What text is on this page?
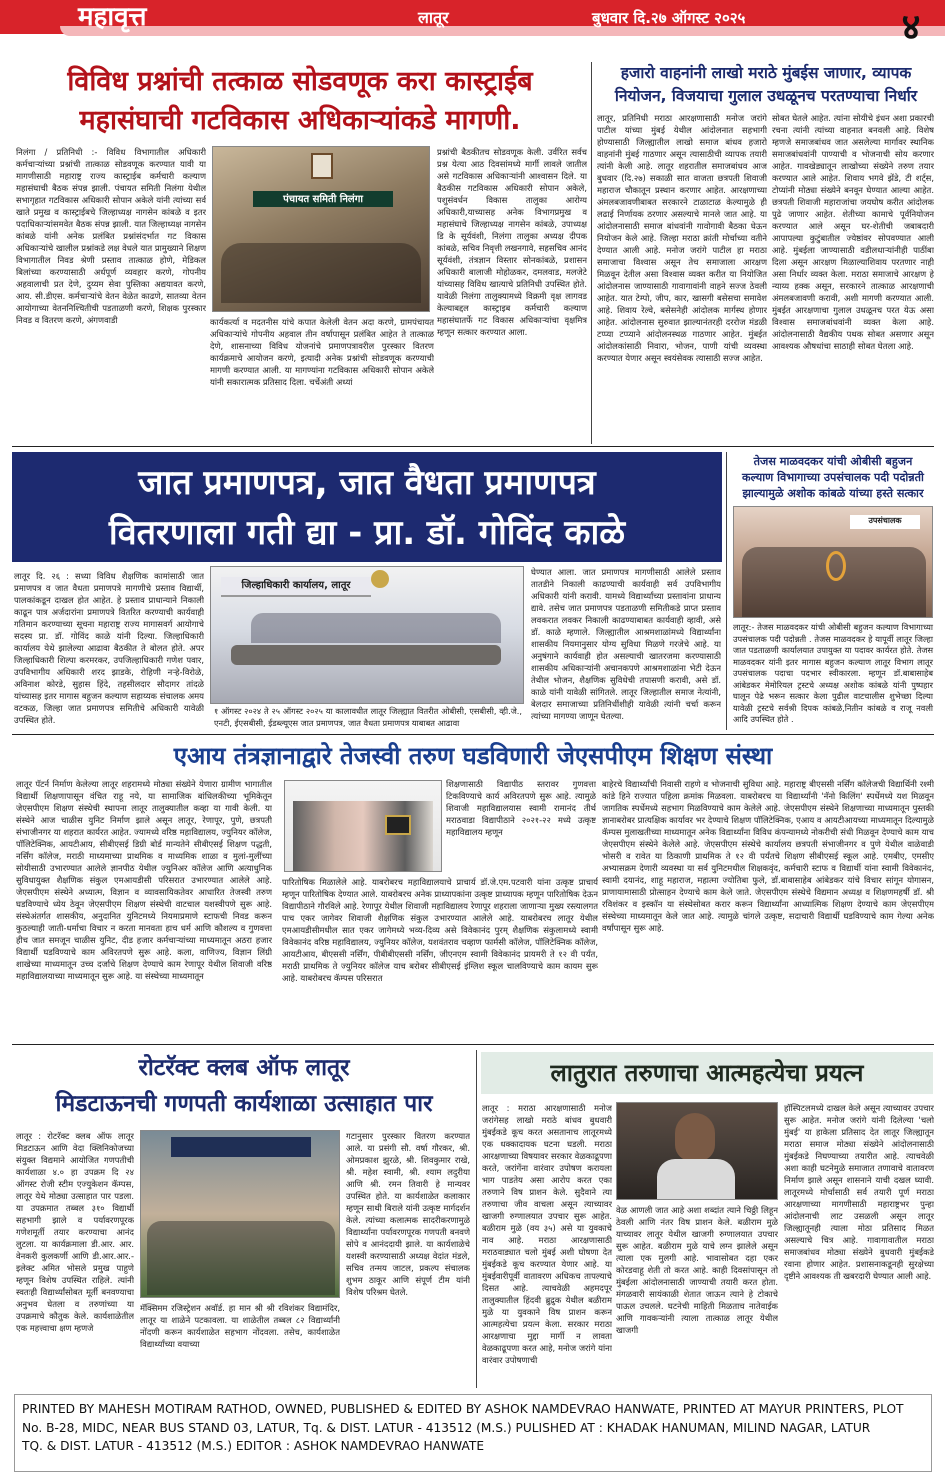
महावृत्त	लातूर	बुधवार दि.२७ ऑगस्ट २०२५	४
विविध प्रश्नांची तत्काळ सोडवणूक करा कास्ट्राईब
महासंघाची गटविकास अधिकाऱ्यांकडे मागणी.
निलंगा / प्रतिनिधी :- विविध विभागातील अधिकारी कर्मचाऱ्यांच्या प्रश्नांची तात्काळ सोडवणूक करण्यात यावी या मागणीसाठी महाराष्ट्र राज्य कास्ट्राईब कर्मचारी कल्याण महासंघाची बैठक संपन्न झाली. पंचायत समिती निलंगा येथील सभागृहात गटविकास अधिकारी सोपान अकेले यांनी त्यांच्या सर्व खाते प्रमुख व कास्ट्राईबचे जिल्हाध्यक्ष नागसेन कांबळे व इतर पदाधिकाऱ्यांसमवेत बैठक संपन्न झाली. यात जिल्हाध्यक्ष नागसेन कांबळे यांनी अनेक प्रलंबित प्रश्नांसंदर्भात गट विकास अधिकाऱ्यांचे खालील प्रश्नांकडे लक्ष वेधले यात प्रामुख्याने शिक्षण विभागातील निवड श्रेणी प्रस्ताव तात्काळ होणे, मेडिकल बिलांच्या करण्यासाठी अर्धपूर्ण व्यवहार करणे, गोपनीय अहवालाची प्रत देणे, दुय्यम सेवा पुस्तिका अद्ययावत करणे, आय. सी.डीएस. कर्मचाऱ्यांचे वेतन वेळेत काढणे, सातव्या वेतन आयोगाच्या वेतननिश्चितीची पडताळणी करणे, शिक्षक पुरस्कार निवड व वितरण करणे, अंगणवाडी
पंचायत समिती निलंगा
कार्यकर्त्या व मदतनीस यांचे कपात केलेली वेतन अदा करणे, ग्रामपंचायत अधिकाऱ्यांचे गोपनीय अहवाल तीन वर्षापासून प्रलंबित आहेत ते तात्काळ देणे, शासनाच्या विविध योजनांचे प्रमाणपत्रावरील पुरस्कार वितरण कार्यक्रमाचे आयोजन करणे, इत्यादी अनेक प्रश्नांची सोडवणूक करण्याची मागणी करण्यात आली. या मागण्यांना गटविकास अधिकारी सोपान अकेले यांनी सकारात्मक प्रतिसाद दिला. चर्चेअंती अध्यां
प्रश्नांची बैठकीतच सोडवणूक केली. उर्वरित सर्वच प्रश्न येत्या आठ दिवसांमध्ये मार्गी लावले जातील असे गटविकास अधिकाऱ्यांनी आश्वासन दिले. या बैठकीस गटविकास अधिकारी सोपान अकेले, पशुसंवर्धन विकास तालुका आरोग्य अधिकारी,याच्यासह अनेक विभागप्रमुख व महासंघाचे जिल्हाध्यक्ष नागसेन कांबळे, उपाध्यक्ष डि के सूर्यवंशी, निलंगा तालुका अध्यक्ष दीपक कांबळे, सचिव निवृत्ती लखनगावे, सहसचिव आनंद सूर्यवंशी, तंत्रज्ञान विस्तार सोनकांबळे, प्रशासन अधिकारी बालाजी मोहोळकर, दमलवाड, मलजेटे यांच्यासह विविध खात्याचे प्रतिनिधी उपस्थित होते. यावेळी निलंगा तालुक्यामध्ये विक्रमी वृक्ष लागवड केल्याबद्दल कास्ट्राइब कर्मचारी कल्याण महासंघातर्फे गट विकास अधिकाऱ्यांचा वृक्षमित्र म्हणून सत्कार करण्यात आला.
हजारो वाहनांनी लाखो मराठे मुंबईस जाणार, व्यापक
नियोजन, विजयाचा गुलाल उधळूनच परतण्याचा निर्धार
लातूर, प्रतिनिधी मराठा आरक्षणासाठी मनोज जरांगे पाटील यांच्या मुंबई येथील आंदोलनात सहभागी होण्यासाठी जिल्ह्यातील लाखो समाज बांधव हजारो वाहनांनी मुंबई गाठणार असून त्यासाठीची व्यापक तयारी त्यांनी केली आहे. लातूर शहरातील समाजबांधव आज बुधवार (दि.२७) सकाळी सात वाजता छत्रपती शिवाजी महाराज चौकातून प्रस्थान करणार आहेत. आरक्षणाच्या अंमलबजावणीबाबत सरकारने टाळाटाळ केल्यामुळे ही लढाई निर्णायक ठरणार असल्याचे मानले जात आहे. या आंदोलनासाठी समाज बांधवांनी गावोगावी बैठका घेऊन नियोजन केले आहे. जिल्हा मराठा क्रांती मोर्चाच्या वतीने देण्यात आली आहे. मनोज जरांगे पाटील हा मराठा समाजाचा विश्वास असून तेच समाजाला आरक्षण मिळवून देतील असा विश्वास व्यक्त करीत या नियोजित आंदोलनास जाण्यासाठी गावागावांनी वाहने सज्ज ठेवली आहेत. यात टेम्पो, जीप, कार, खासगी बसेसचा समावेश आहे. शिवाय रेल्वे, बसेसनेही आंदोलक मार्गस्थ होणार आहेत. आंदोलनास सुरुवात झाल्यानंतरही दररोज मंडळी टप्प्या टप्प्याने आंदोलनस्थळ गाठणार आहेत. मुंबईत आंदोलकांसाठी निवारा, भोजन, पाणी यांची व्यवस्था करण्यात येणार असून स्वयंसेवक त्यासाठी सज्ज आहेत.
सोबत घेतले आहेत. त्यांना सोयीचे इंधन अशा प्रकारची रचना त्यांनी त्यांच्या वाहनात बनवली आहे. विशेष म्हणजे समाजबांधव जात असलेल्या मार्गावर स्थानिक समाजबांधवांनी पाण्याची व भोजनाची सोय करणार आहेत. गावखेड्यातून लाखोच्या संख्येने तरुण तयार करण्यात आले आहेत. शिवाय भगवे झेंडे, टी शर्ट्स, टोप्यांनी मोठ्या संख्येने बनवून घेण्यात आल्या आहेत. छत्रपती शिवाजी महाराजांचा जयघोष करीत आंदोलक पुढे जाणार आहेत. शेतीच्या कामाचे पूर्वनियोजन करण्यात आले असून घर-शेतीची जबाबदारी आपापल्या कुटुंबातील ज्येष्ठांवर सोपवण्यात आली आहे. मुंबईला जाण्यासाठी वडीलधाऱ्यांनीही पाठींबा दिला असून आरक्षण मिळाल्याशिवाय परतणार नाही असा निर्धार व्यक्त केला. मराठा समाजाचे आरक्षण हे न्याय्य हक्क असून, सरकारने तात्काळ आरक्षणाची अंमलबजावणी करावी, अशी मागणी करण्यात आली. मुंबईत आरक्षणाचा गुलाल उधळूनच परत येऊ असा विश्वास समाजबांधवांनी व्यक्त केला आहे. आंदोलनासाठी वैद्यकीय पथक सोबत असणार असून आवश्यक औषधांचा साठाही सोबत घेतला आहे.
जात प्रमाणपत्र, जात वैधता प्रमाणपत्र
वितरणाला गती द्या - प्रा. डॉ. गोविंद काळे
लातूर दि. २६ : सध्या विविध शैक्षणिक कामांसाठी जात प्रमाणपत्र व जात वैधता प्रमाणपत्रे मागणीचे प्रस्ताव विद्यार्थी, पालकांकडून दाखल होत आहेत. हे प्रस्ताव प्राधान्याने निकाली काढून पात्र अर्जदारांना प्रमाणपत्रे वितरित करण्याची कार्यवाही गतिमान करण्याच्या सूचना महाराष्ट्र राज्य मागासवर्ग आयोगाचे सदस्य प्रा. डॉ. गोविंद काळे यांनी दिल्या. जिल्हाधिकारी कार्यालय येथे झालेल्या आढावा बैठकीत ते बोलत होते. अपर जिल्हाधिकारी शिल्पा करमरकर, उपजिल्हाधिकारी गणेश पवार, उपविभागीय अधिकारी शरद झाडके, रोहिणी नऱ्हे-विरोळे, अविनाश कोरडे, सुहास हिंदे, तहसीलदार सौदागर तांदळे यांच्यासह इतर मागास बहुजन कल्याण सहाय्यक संचालक अमय वटकळ, जिल्हा जात प्रमाणपत्र समितीचे अधिकारी यावेळी उपस्थित होते.
जिल्हाधिकारी कार्यालय, लातूर
१ ऑगस्ट २०२४ ते २५ ऑगस्ट २०२५ या कालावधीत लातूर जिल्ह्यात वितरीत ओबीसी, एसबीसी, व्ही.जे., एनटी, ईएसबीसी, ईडब्ल्यूएस जात प्रमाणपत्र, जात वैधता प्रमाणपत्र याबाबत आढावा
घेण्यात आला. जात प्रमाणपत्र मागणीसाठी आलेले प्रस्ताव तातडीने निकाली काढण्याची कार्यवाही सर्व उपविभागीय अधिकारी यांनी करावी. यामध्ये विद्यार्थ्यांच्या प्रस्तावांना प्राधान्य द्यावे. तसेच जात प्रमाणपत्र पडताळणी समितीकडे प्राप्त प्रस्ताव लवकरात लवकर निकाली काढण्याबाबत कार्यवाही व्हावी, असे डॉ. काळे म्हणाले. जिल्ह्यातील आश्रमशाळांमध्ये विद्यार्थ्यांना शासकीय नियमानुसार योग्य सुविधा मिळणे गरजेचे आहे. या अनुषंगाने कार्यवाही होत असल्याची खातरजमा करण्यासाठी शासकीय अधिकाऱ्यांनी अचानकपणे आश्रमशाळांना भेटी देऊन तेथील भोजन, शैक्षणिक सुविधेची तपासणी करावी, असे डॉ. काळे यांनी यावेळी सांगितले. लातूर जिल्हातील समाज नेत्यांनी, बेलदार समाजाच्या प्रतिनिधींशीही यावेळी त्यांनी चर्चा करून त्यांच्या मागण्या जाणून घेतल्या.
तेजस माळवदकर यांची ओबीसी बहुजन
कल्याण विभागाच्या उपसंचालक पदी पदोन्नती
झाल्यामुळे अशोक कांबळे यांच्या हस्ते सत्कार
उपसंचालक
लातूर:- तेजस माळवदकर यांची ओबीसी बहुजन कल्याण विभागाच्या उपसंचालक पदी पदोन्नती . तेजस माळवदकर हे यापूर्वी लातूर जिल्हा जात पडताळणी कार्यालयात उपायुक्त या पदावर कार्यरत होते. तेजस माळवदकर यांनी इतर मागास बहुजन कल्याण लातूर विभाग लातूर उपसंचालक पदाचा पदभार स्वीकारला. म्हणून डॉ.बाबासाहेब आंबेडकर मेमोरियल ट्रस्टचे अध्यक्ष अशोक कांबळे यांनी पुष्पहार घालून पेढे भरून सत्कार केला पुढील वाटचालीस शुभेच्छा दिल्या यावेळी ट्रस्टचे सर्वश्री दिपक कांबळे,नितीन कांबळे व राजू नवली आदि उपस्थित होते .
एआय तंत्रज्ञानाद्वारे तेजस्वी तरुण घडविणारी जेएसपीएम शिक्षण संस्था
लातूर पॅटर्न निर्माण केलेल्या लातूर शहरामध्ये मोठ्या संख्येने येणारा ग्रामीण भागातील विद्यार्थी शिक्षणापासून वंचित राहू नये, या सामाजिक बांधिलकीच्या भूमिकेतून जेएसपीएम शिक्षण संस्थेची स्थापना लातूर तालुक्यातील कव्हा या गावी केली. या संस्थेने आज चाळीस युनिट निर्माण झाले असून लातूर, रेणापूर, पुणे, छत्रपती संभाजीनगर या शहरात कार्यरत आहेत. ज्यामध्ये वरिष्ठ महाविद्यालय, ज्युनियर कॉलेज, पॉलिटेक्निक, आयटीआय, सीबीएसई डिग्री बोर्ड मान्यतेने सीबीएसई शिक्षण पद्धती, नर्सिंग कॉलेज, मराठी माध्यमाच्या प्राथमिक व माध्यमिक शाळा व मुलां-मुलींच्या सोयीसाठी उभारण्यात आलेले ज्ञानपीठ येथील ज्युनिअर कॉलेज आणि अत्याधुनिक सुविधायुक्त शैक्षणिक संकुल एमआयडीसी परिसरात उभारण्यात आलेले आहे. जेएसपीएम संस्थेने अध्यात्म, विज्ञान व व्यावसायिकतेवर आधारित तेजस्वी तरुण घडविण्याचे ध्येय ठेवून जेएसपीएम शिक्षण संस्थेची वाटचाल यशस्वीपणे सुरू आहे. संस्थेअंतर्गत शासकीय, अनुदानित युनिटमध्ये नियमाप्रमाणे स्टाफची निवड करून कुठल्याही जाती-धर्माचा विचार न करता मानवता हाच धर्म आणि कौशल्य व गुणवत्ता हीच जात समजून चाळीस युनिट, दीड हजार कर्मचाऱ्यांच्या माध्यमातून अठरा हजार विद्यार्थी घडविण्याचे काम अविरतपणे सुरू आहे. कला, वाणिज्य, विज्ञान लिंग्री शाखेच्या माध्यमातून उच्च दर्जाचे शिक्षण देण्याचे काम रेणापूर येथील शिवाजी वरिष्ठ महाविद्यालयाच्या माध्यमातून सुरू आहे. या संस्थेच्या माध्यमातून
शिक्षणासाठी विद्यापीठ स्तरावर गुणवत्ता टिकविण्याचे कार्य अविरतपणे सुरू आहे. त्यामुळे शिवाजी महाविद्यालयास स्वामी रामानंद तीर्थ मराठवाडा विद्यापीठाने २०२१-२२ मध्ये उत्कृष्ट महाविद्यालय म्हणून
पारितोषिक मिळालेले आहे. याबरोबरच महाविद्यालयाचे प्राचार्य डॉ.जे.एम.पटवारी यांना उत्कृष्ट प्राचार्य म्हणून पारितोषिक देण्यात आले. याबरोबरच अनेक प्राध्यापकांना उत्कृष्ट प्राध्यापक म्हणून पारितोषिक देऊन विद्यापीठाने गौरविले आहे. रेणापूर येथील शिवाजी महाविद्यालय रेणापूर शहराला जाणाऱ्या मुख्य रस्त्यालगत पाच एकर जागेवर शिवाजी शैक्षणिक संकुल उभारण्यात आलेले आहे. याबरोबरच लातूर येथील एमआयडीसीमधील सात एकर जागेमध्ये भव्य-दिव्य असे विवेकानंद पुरम् शैक्षणिक संकुलामध्ये स्वामी विवेकानंद वरिष्ठ महाविद्यालय, ज्युनियर कॉलेज, यशवंतराव चव्हाण फार्मसी कॉलेज, पॉलिटेक्निक कॉलेज, आयटीआय, बीएससी नर्सिंग, पीबीबीएससी नर्सिंग, जीएनएम स्वामी विवेकानंद प्रायमरी ते १२ वी पर्यंत, मराठी प्राथमिक ते ज्युनियर कॉलेज याच बरोबर सीबीएसई इंग्लिश स्कूल चालविण्याचे काम कायम सुरू आहे. याबरोबरच कॅम्पस परिसरात
बाहेरचे विद्यार्थ्यांची निवासी राहणे व भोजनाची सुविधा आहे. महाराष्ट्र बीएससी नर्सिंग कॉलेजची विद्यार्थिनी रश्मी कांडे हिने राज्यात पहिला क्रमांक मिळवला. याबरोबरच या विद्यार्थ्यांनी 'नॅनो किलिंग' स्पर्धेमध्ये यश मिळवून जागतिक स्पर्धेमध्ये सहभाग मिळविण्याचे काम केलेले आहे. जेएसपीएम संस्थेने शिक्षणाच्या माध्यमातून पुस्तकी ज्ञानाबरोबर प्रात्यक्षिक कार्यावर भर देण्याचे शिक्षण पॉलिटेक्निक, एआय व आयटीआयच्या माध्यमातून दिल्यामुळे कॅम्पस मुलाखतीच्या माध्यमातून अनेक विद्यार्थ्यांना विविध कंपन्यामध्ये नोकरीची संधी मिळवून देण्याचे काम याच जेएसपीएम संस्थेने केलेले आहे. जेएसपीएम संस्थेचे कार्यालय छत्रपती संभाजीनगर व पुणे येथील वाळेवाडी भोसरी व रावेत या ठिकाणी प्राथमिक ते १२ वी पर्यंतचे शिक्षण सीबीएसई स्कूल आहे. एमबीए, एमसीए अभ्यासक्रम देणारी व्यवस्था या सर्व युनिटमधील शिक्षकवृंद, कर्मचारी स्टाफ व विद्यार्थी यांना स्वामी विवेकानंद, स्वामी दयानंद, शाहू महाराज, महात्मा ज्योतिबा फुले, डॉ.बाबासाहेब आंबेडकर यांचे विचार सांगून योगासन, प्राणायामासाठी प्रोत्साहन देण्याचे काम केले जाते. जेएसपीएम संस्थेचे विद्यमान अध्यक्ष व शिक्षणमहर्षी डॉ. श्री रविशंकर व इस्कॉन या संस्थेसोबत करार करून विद्यार्थ्यांना आध्यात्मिक शिक्षण देण्याचे काम जेएसपीएम संस्थेच्या माध्यमातून केले जात आहे. त्यामुळे चांगले उत्कृष्ट, सदाचारी विद्यार्थी घडविण्याचे काम गेल्या अनेक वर्षांपासून सुरू आहे.
रोटरॅक्ट क्लब ऑफ लातूर
मिडटाऊनची गणपती कार्यशाळा उत्साहात पार
लातूर : रोटरॅक्ट क्लब ऑफ लातूर मिडटाऊन आणि वेदा क्लिनिकोजच्या संयुक्त विद्यमाने आयोजित गणपतीची कार्यशाळा ४.० हा उपक्रम दि २४ ऑगस्ट रोजी स्टीम एज्युकेशन कॅम्पस, लातूर येथे मोठ्या उत्साहात पार पडला. या उपक्रमात तब्बल ३१० विद्यार्थी सहभागी झाले व पर्यावरणपूरक गणेशमूर्ती तयार करण्याचा आनंद लुटला. या कार्यक्रमाला डी.आर. आर. वेनकरी कुलकर्णी आणि डी.आर.आर.-इलेक्ट अमित भोसले प्रमुख पाहुणे म्हणून विशेष उपस्थित राहिले. त्यांनी स्वतःही विद्यार्थ्यांसोबत मूर्ती बनवण्याचा अनुभव घेतला व तरुणांच्या या उपक्रमाचे कौतुक केले. कार्यशाळेतील एक महत्त्वाचा क्षण म्हणजे
मॅक्सिमम रजिस्ट्रेशन अवॉर्ड. हा मान श्री श्री रविशंकर विद्यामंदिर, लातूर या शाळेने पटकावला. या शाळेतील तब्बल ८२ विद्यार्थ्यांनी नोंदणी करून कार्यशाळेत सहभाग नोंदवला. तसेच, कार्यशाळेत विद्यार्थ्यांच्या वयाच्या
गटानुसार पुरस्कार वितरण करण्यात आले. या प्रसंगी सौ. वर्षा गौरकर, श्री. ओमप्रकाश झुरळे, श्री. शिवकुमार राखे, श्री. महेश स्वामी, श्री. श्याम लदुरीया आणि श्री. रमन तिवारी हे मान्यवर उपस्थित होते. या कार्यशाळेत कलाकार म्हणून साथी बिराले यांनी उत्कृष्ट मार्गदर्शन केले. त्यांच्या कलात्मक सादरीकरणामुळे विद्यार्थ्यांना पर्यावरणपूरक गणपती बनवणे सोपे व आनंददायी झाले. या कार्यशाळेचे यशस्वी करण्यासाठी अध्यक्ष वेदांत मंडले, सचिव तन्मय जाटल, प्रकल्प संचालक शुभम ठाकूर आणि संपूर्ण टीम यांनी विशेष परिश्रम घेतले.
लातुरात तरुणाचा आत्महत्येचा प्रयत्न
लातूर : मराठा आरक्षणासाठी मनोज जरांगेसह लाखो मराठे बांधव बुधवारी मुंबईकडे कूच करत असतानाच लातूरमध्ये एक धक्कादायक घटना घडली. मराठा आरक्षणाच्या विषयावर सरकार वेळकाढूपणा करते, जरांगेंना वारंवार उपोषण करायला भाग पाडतेय असा आरोप करत एका तरुणाने विष प्राशन केले. सुदैवाने त्या तरुणाचा जीव वाचला असून त्याच्यावर खाजगी रुग्णालयात उपचार सुरू आहेत. बळीराम मुळे (वय ३५) असे या युवकाचे नाव आहे. मराठा आरक्षणासाठी मराठवाड्यात चलो मुंबई अशी घोषणा देत मुंबईकडे कूच करण्यात येणार आहे. या मुंबईवारीपूर्वी वातावरण अधिकच तापल्याचे दिसत आहे. त्याचवेळी अहमदपूर तालुक्यातील हिंदवी ब्रुद्रुक येथील बळीराम मुळे या युवकाने विष प्राशन करून आत्महत्येचा प्रयत्न केला. सरकार मराठा आरक्षणाचा मुद्दा मार्गी न लावता वेळकाढूपणा करत आहे, मनोज जरांगे यांना वारंवार उपोषणाची
वेळ आणली जात आहे अशा शब्दांत त्याने चिठ्ठी लिहून ठेवली आणि नंतर विष प्राशन केले. बळीराम मुळे याच्यावर लातूर येथील खाजगी रुग्णालयात उपचार सुरू आहेत. बळीराम मुळे याचे लग्न झालेले असून त्याला एक मुलगी आहे. भावासोबत दहा एकर कोरडवाहू शेती तो करत आहे. काही दिवसांपासून तो मुंबईला आंदोलनासाठी जाण्याची तयारी करत होता. मंगळवारी सायंकाळी शेतात जाऊन त्याने हे टोकाचे पाऊल उचलले. घटनेची माहिती मिळताच नातेवाईक आणि गावकऱ्यांनी त्याला तात्काळ लातूर येथील खाजगी
हॉस्पिटलमध्ये दाखल केले असून त्याच्यावर उपचार सुरू आहेत. मनोज जरांगे यांनी दिलेल्या 'चलो मुंबई' या हाकेला प्रतिसाद देत लातूर जिल्ह्यातून मराठा समाज मोठ्या संख्येने आंदोलनासाठी मुंबईकडे निघण्याच्या तयारीत आहे. त्याचवेळी अशा काही घटनेमुळे समाजात तणावाचे वातावरण निर्माण झाले असून शासनाने याची दखल घ्यावी. लातूरमध्ये मोर्चासाठी सर्व तयारी पूर्ण मराठा आरक्षणाच्या मागणीसाठी महाराष्ट्रभर पुन्हा आंदोलनाची लाट उसळली असून लातूर जिल्ह्यातूनही त्याला मोठा प्रतिसाद मिळत असल्याचे चित्र आहे. गावागावातील मराठा समाजबांधव मोठ्या संख्येने बुधवारी मुंबईकडे रवाना होणार आहेत. प्रशासनाकडूनही सुरक्षेच्या दृष्टीने आवश्यक ती खबरदारी घेण्यात आली आहे.
PRINTED BY MAHESH MOTIRAM RATHOD, OWNED, PUBLISHED & EDITED BY ASHOK NAMDEVRAO HANWATE, PRINTED AT MAYUR PRINTERS, PLOT
No. B-28, MIDC, NEAR BUS STAND 03, LATUR, Tq. & DIST. LATUR - 413512 (M.S.) PULISHED AT : KHADAK HANUMAN, MILIND NAGAR, LATUR
TQ. & DIST. LATUR - 413512 (M.S.) EDITOR : ASHOK NAMDEVRAO HANWATE
